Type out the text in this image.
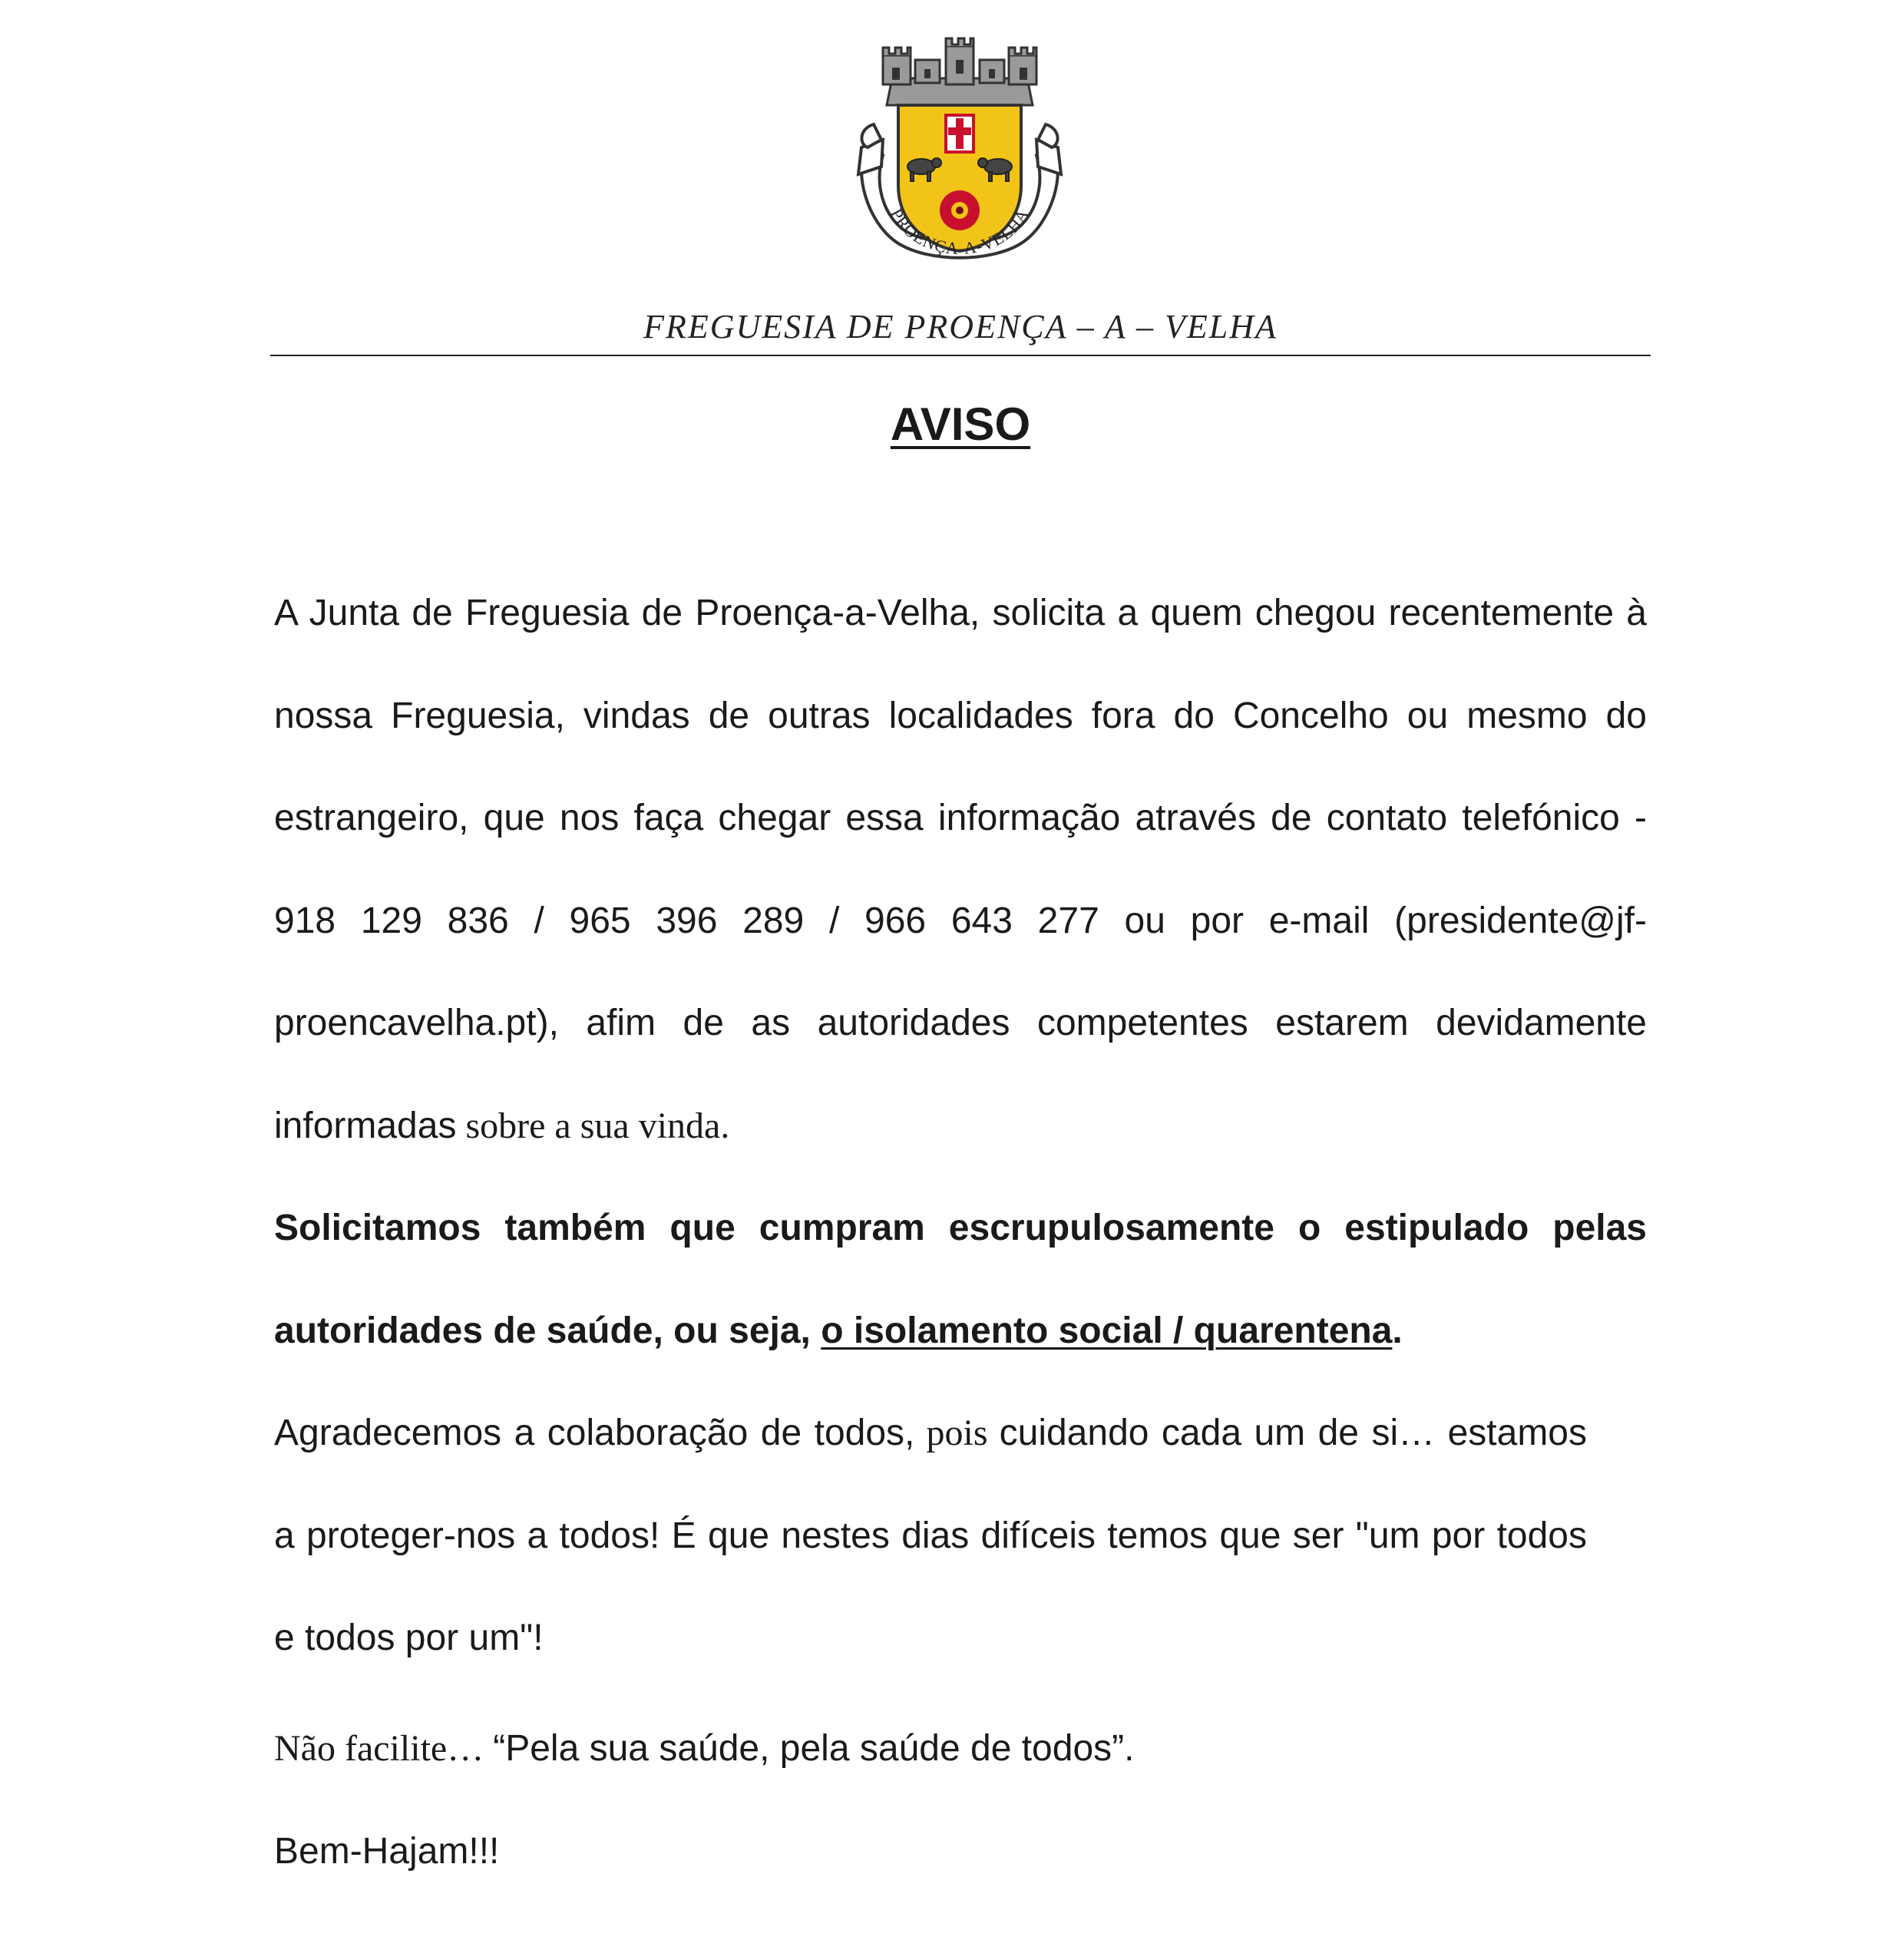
PROENÇA-A-VELHA
FREGUESIA DE PROENÇA – A – VELHA
AVISO
A Junta de Freguesia de Proença-a-Velha, solicita a quem chegou recentemente à nossa Freguesia, vindas de outras localidades fora do Concelho ou mesmo do estrangeiro, que nos faça chegar essa informação através de contato telefónico - 918 129 836 / 965 396 289 / 966 643 277 ou por e-mail (presidente@jf-proencavelha.pt), afim de as autoridades competentes estarem devidamente informadas sobre a sua vinda.
Solicitamos também que cumpram escrupulosamente o estipulado pelas autoridades de saúde, ou seja, o isolamento social / quarentena.
Agradecemos a colaboração de todos, pois cuidando cada um de si… estamos a proteger-nos a todos! É que nestes dias difíceis temos que ser "um por todos e todos por um"!
Não facilite… “Pela sua saúde, pela saúde de todos”.
Bem-Hajam!!!
